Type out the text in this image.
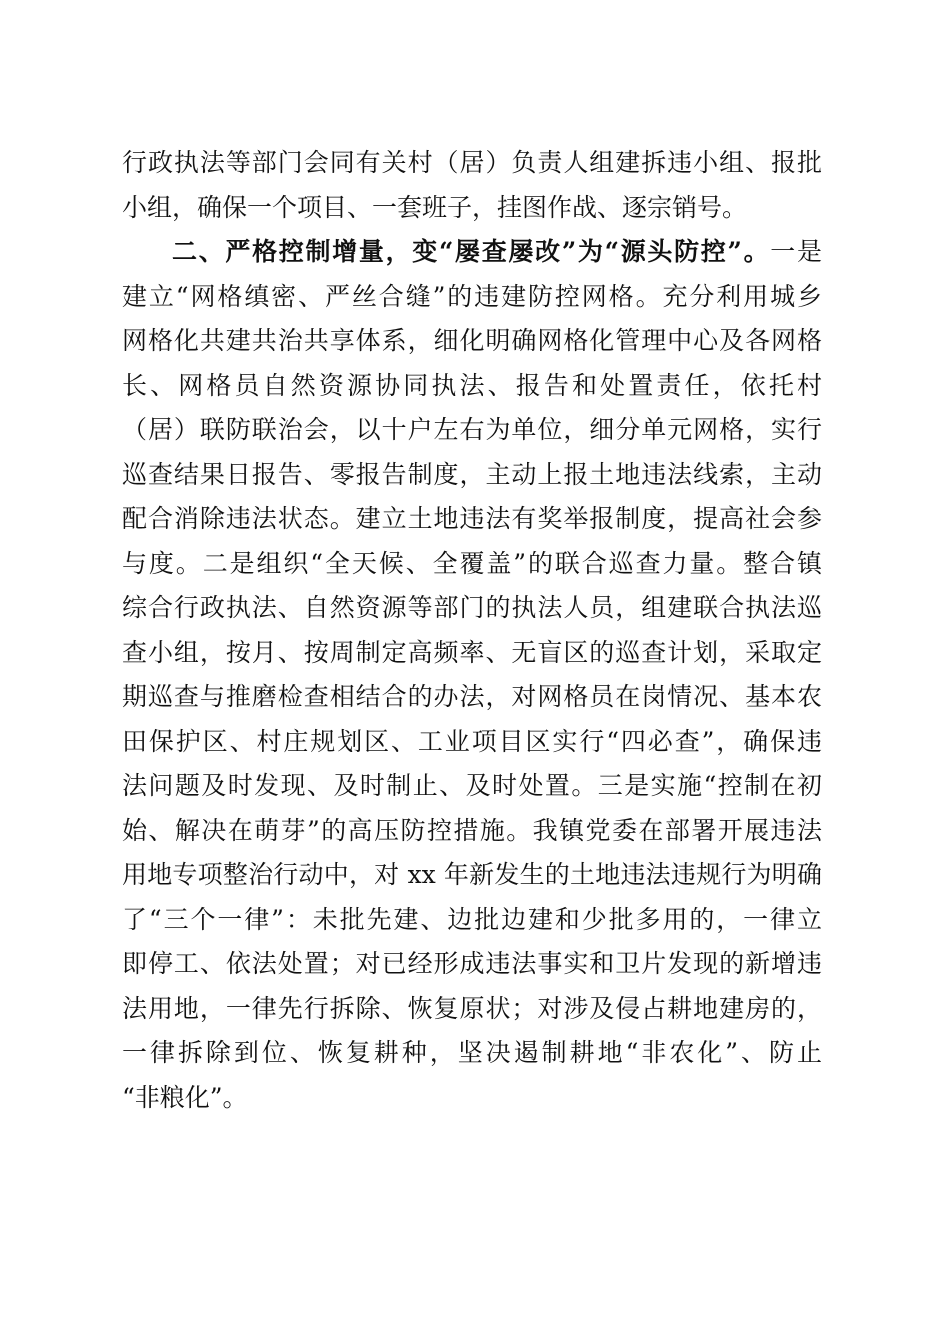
行政执法等部门会同有关村（居）负责人组建拆违小组、报批
小组，确保一个项目、一套班子，挂图作战、逐宗销号。
二、严格控制增量，变“屡查屡改”为“源头防控”。一是
建立“网格缜密、严丝合缝”的违建防控网格。充分利用城乡
网格化共建共治共享体系，细化明确网格化管理中心及各网格
长、网格员自然资源协同执法、报告和处置责任，依托村
（居）联防联治会，以十户左右为单位，细分单元网格，实行
巡查结果日报告、零报告制度，主动上报土地违法线索，主动
配合消除违法状态。建立土地违法有奖举报制度，提高社会参
与度。二是组织“全天候、全覆盖”的联合巡查力量。整合镇
综合行政执法、自然资源等部门的执法人员，组建联合执法巡
查小组，按月、按周制定高频率、无盲区的巡查计划，采取定
期巡查与推磨检查相结合的办法，对网格员在岗情况、基本农
田保护区、村庄规划区、工业项目区实行“四必查”，确保违
法问题及时发现、及时制止、及时处置。三是实施“控制在初
始、解决在萌芽”的高压防控措施。我镇党委在部署开展违法
用地专项整治行动中，对 xx 年新发生的土地违法违规行为明确
了“三个一律”：未批先建、边批边建和少批多用的，一律立
即停工、依法处置；对已经形成违法事实和卫片发现的新增违
法用地，一律先行拆除、恢复原状；对涉及侵占耕地建房的，
一律拆除到位、恢复耕种，坚决遏制耕地“非农化”、防止
“非粮化”。
